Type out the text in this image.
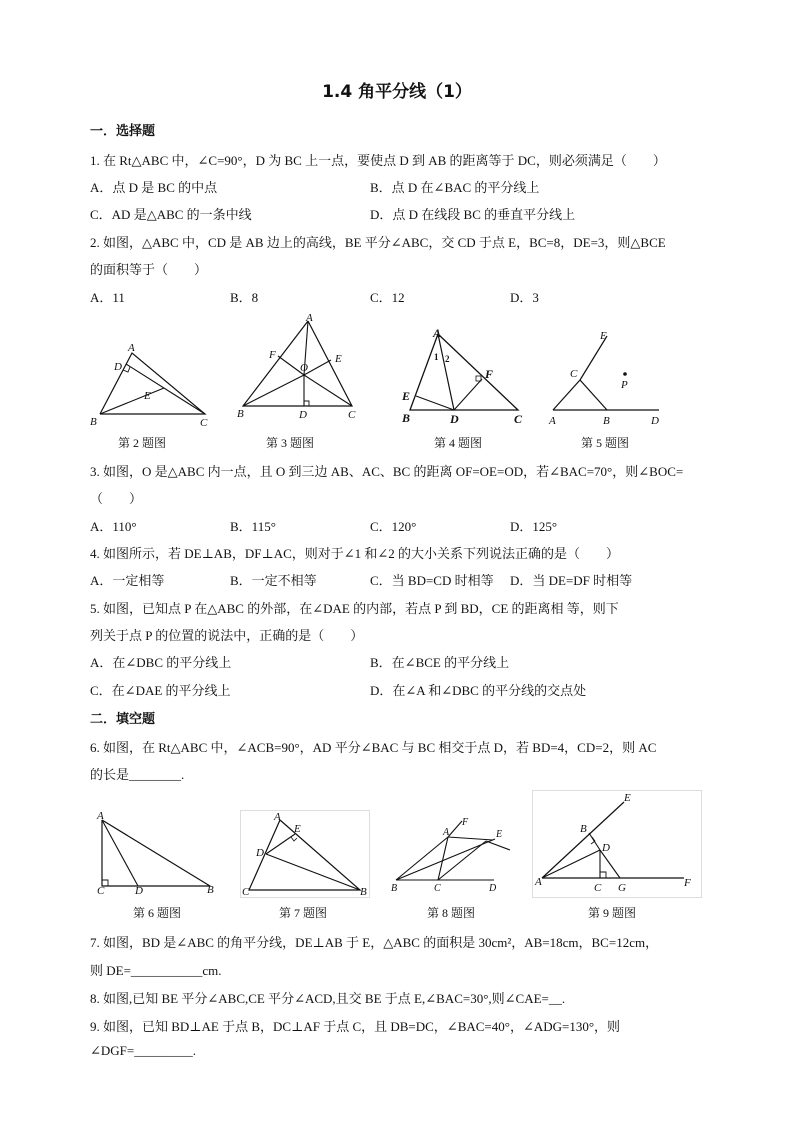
1.4 角平分线（1）
一．选择题
1. 在 Rt△ABC 中，∠C=90°，D 为 BC 上一点，要使点 D 到 AB 的距离等于 DC，则必须满足（　　）
A．点 D 是 BC 的中点	B．点 D 在∠BAC 的平分线上
C．AD 是△ABC 的一条中线	D．点 D 在线段 BC 的垂直平分线上
2. 如图，△ABC 中，CD 是 AB 边上的高线，BE 平分∠ABC，交 CD 于点 E，BC=8，DE=3，则△BCE
的面积等于（　　）
A．11	B．8	C．12	D．3
A
D
E
B	C
第 2 题图
A
F	E
O
B	D	C
第 3 题图
A
1 2
F
E
B	D	C
第 4 题图
E
C
P
A	B	D
第 5 题图
3. 如图，O 是△ABC 内一点，且 O 到三边 AB、AC、BC 的距离 OF=OE=OD，若∠BAC=70°，则∠BOC=
（　　）
A．110°	B．115°	C．120°	D．125°
4. 如图所示，若 DE⊥AB，DF⊥AC，则对于∠1 和∠2 的大小关系下列说法正确的是（　　）
A．一定相等	B．一定不相等	C．当 BD=CD 时相等 D．当 DE=DF 时相等
5. 如图，已知点 P 在△ABC 的外部，在∠DAE 的内部，若点 P 到 BD，CE 的距离相 等，则下
列关于点 P 的位置的说法中，正确的是（　　）
A．在∠DBC 的平分线上	B．在∠BCE 的平分线上
C．在∠DAE 的平分线上	D．在∠A 和∠DBC 的平分线的交点处
二．填空题
6. 如图，在 Rt△ABC 中，∠ACB=90°，AD 平分∠BAC 与 BC 相交于点 D，若 BD=4，CD=2，则 AC
的长是________.
A
C	D	B
第 6 题图
A
E
D
C	B
第 7 题图
A
F
E
B	C	D
第 8 题图
E
B
D
A	C G	F
第 9 题图
7. 如图，BD 是∠ABC 的角平分线，DE⊥AB 于 E，△ABC 的面积是 30cm²，AB=18cm，BC=12cm，
则 DE=___________cm.
8. 如图,已知 BE 平分∠ABC,CE 平分∠ACD,且交 BE 于点 E,∠BAC=30°,则∠CAE=__.
9. 如图，已知 BD⊥AE 于点 B，DC⊥AF 于点 C，且 DB=DC，∠BAC=40°，∠ADG=130°，则
∠DGF=_________.
